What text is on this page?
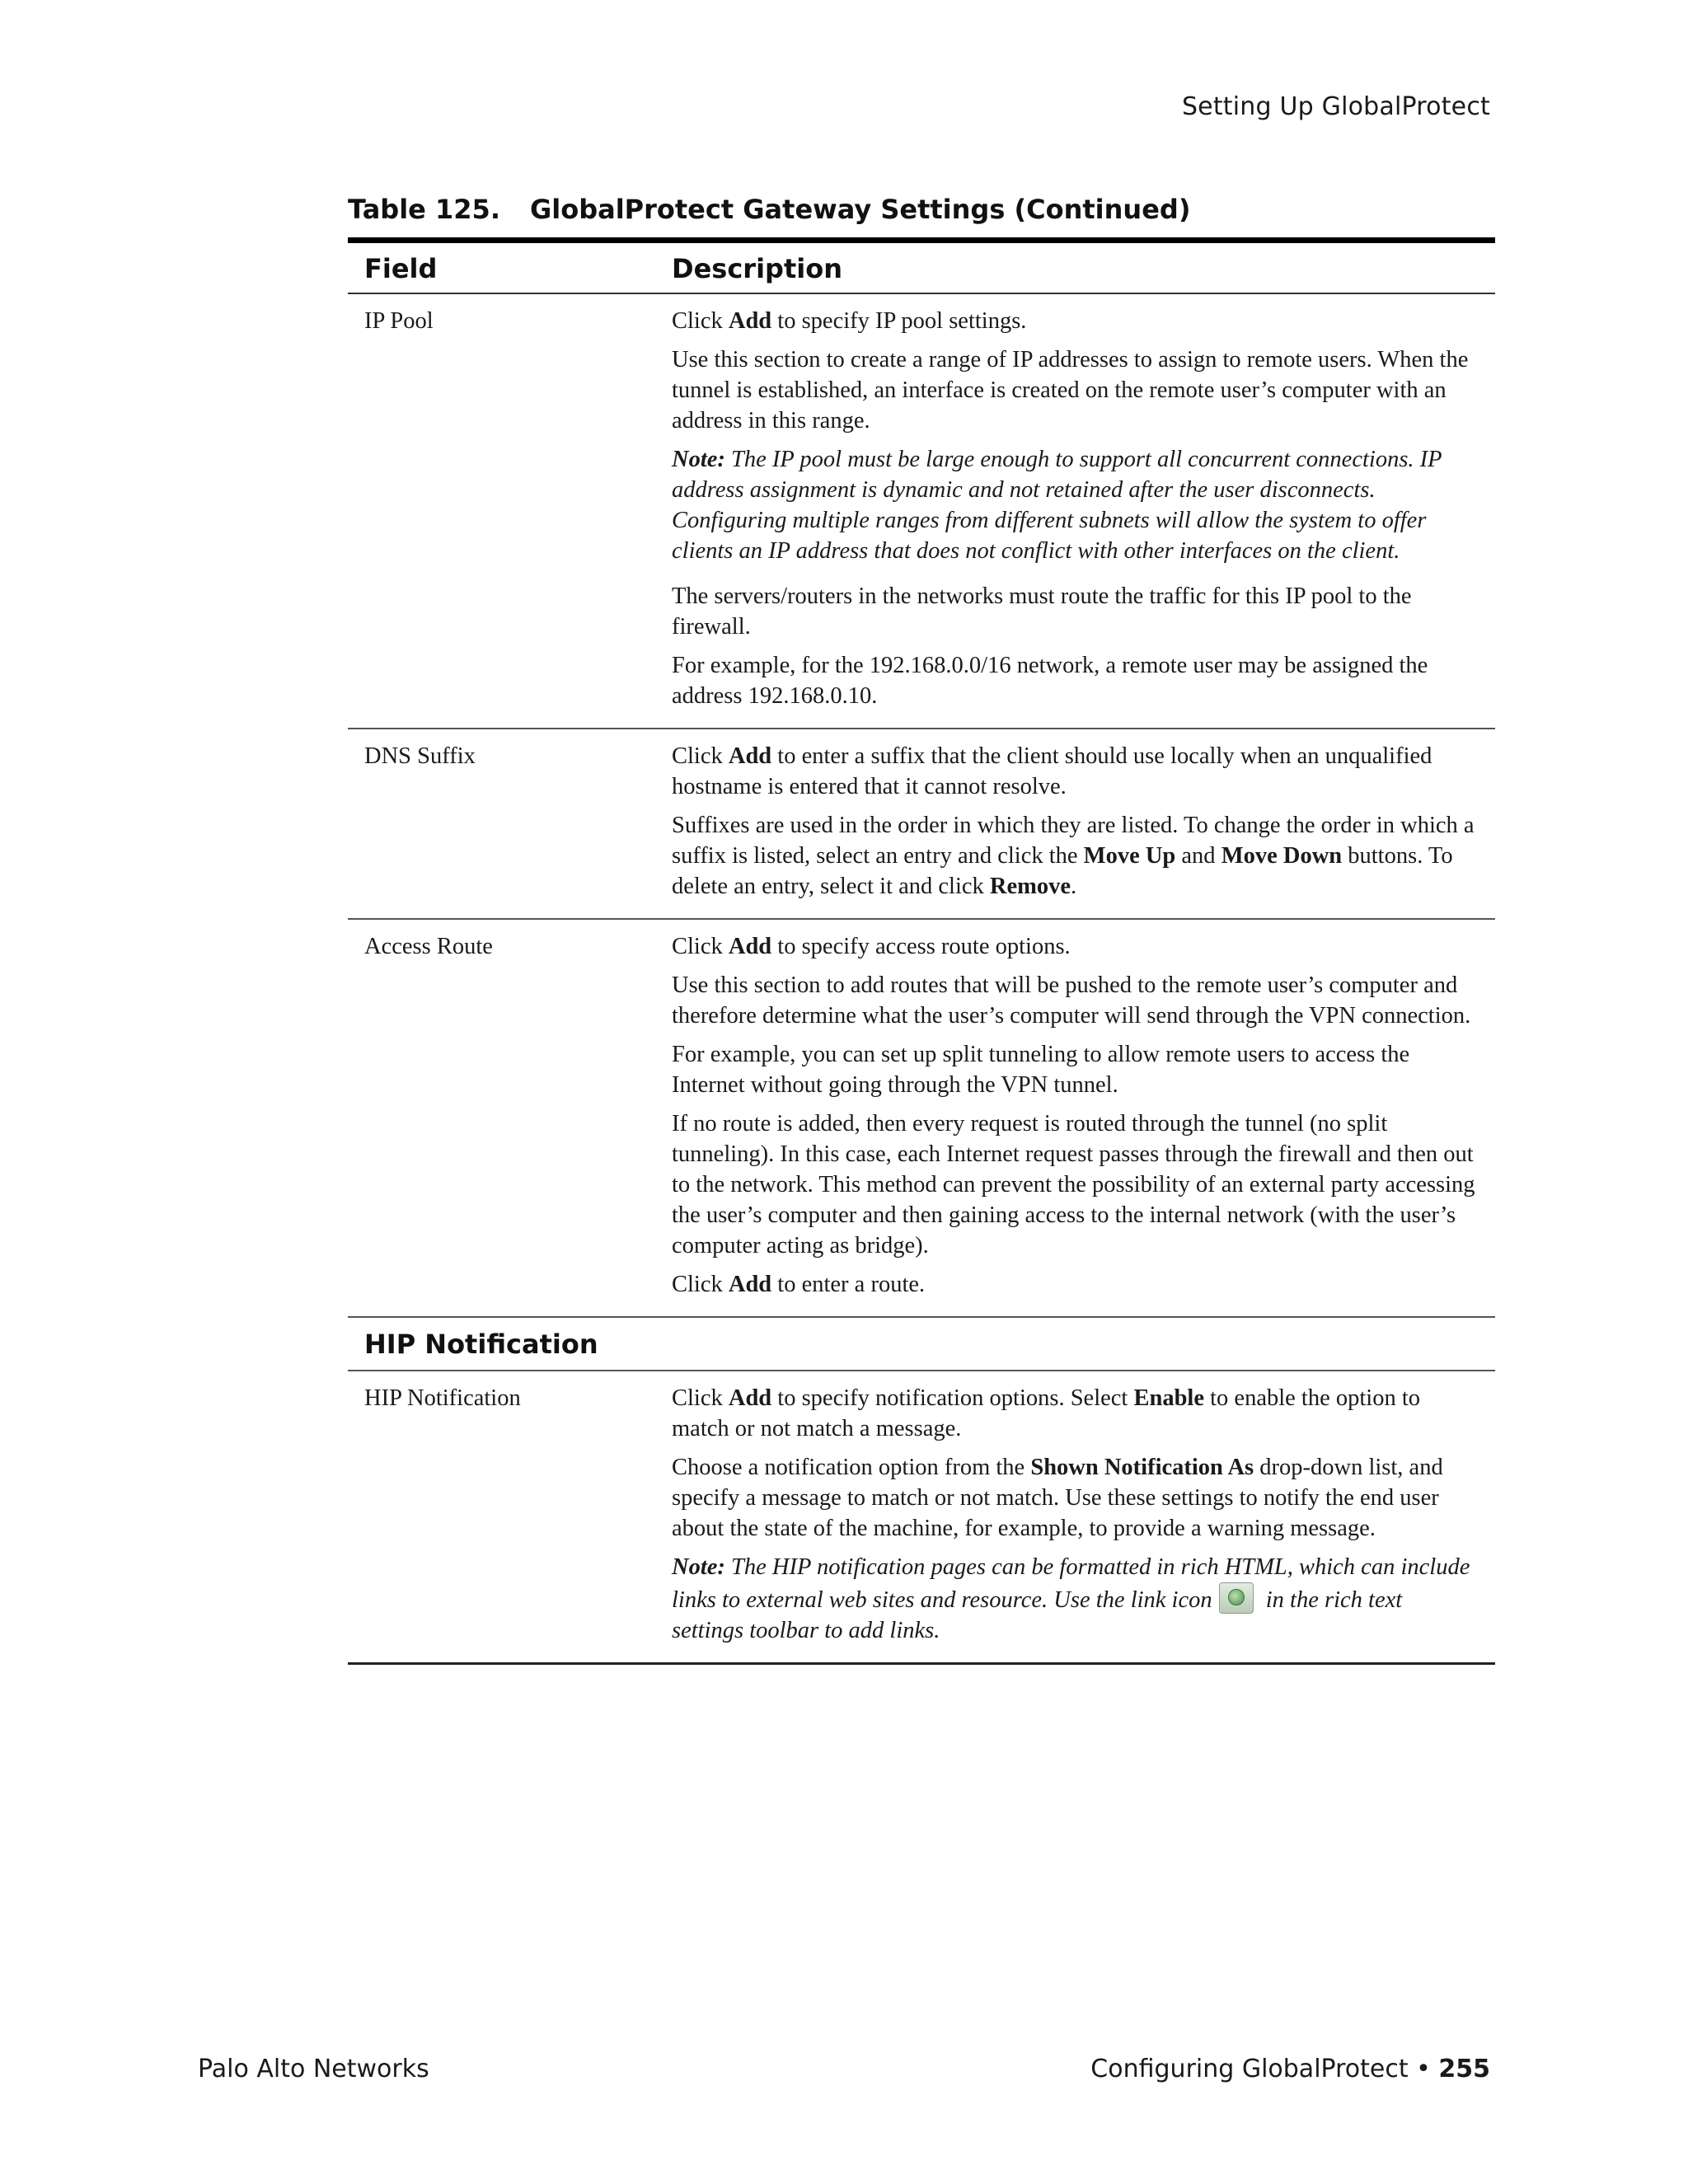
Setting Up GlobalProtect
Table 125. GlobalProtect Gateway Settings (Continued)
Field	Description
IP Pool	Click Add to specify IP pool settings.

Use this section to create a range of IP addresses to assign to remote users. When the tunnel is established, an interface is created on the remote user’s computer with an address in this range.

Note: The IP pool must be large enough to support all concurrent connections. IP address assignment is dynamic and not retained after the user disconnects. Configuring multiple ranges from different subnets will allow the system to offer clients an IP address that does not conflict with other interfaces on the client.

The servers/routers in the networks must route the traffic for this IP pool to the firewall.

For example, for the 192.168.0.0/16 network, a remote user may be assigned the address 192.168.0.10.

DNS Suffix	Click Add to enter a suffix that the client should use locally when an unqualified hostname is entered that it cannot resolve.

Suffixes are used in the order in which they are listed. To change the order in which a suffix is listed, select an entry and click the Move Up and Move Down buttons. To delete an entry, select it and click Remove.

Access Route	Click Add to specify access route options.

Use this section to add routes that will be pushed to the remote user’s computer and therefore determine what the user’s computer will send through the VPN connection.

For example, you can set up split tunneling to allow remote users to access the Internet without going through the VPN tunnel.

If no route is added, then every request is routed through the tunnel (no split tunneling). In this case, each Internet request passes through the firewall and then out to the network. This method can prevent the possibility of an external party accessing the user’s computer and then gaining access to the internal network (with the user’s computer acting as bridge).

Click Add to enter a route.

HIP Notification	
HIP Notification	Click Add to specify notification options. Select Enable to enable the option to match or not match a message.

Choose a notification option from the Shown Notification As drop-down list, and specify a message to match or not match. Use these settings to notify the end user about the state of the machine, for example, to provide a warning message.

Note: The HIP notification pages can be formatted in rich HTML, which can include links to external web sites and resource. Use the link icon in the rich text settings toolbar to add links.

Palo Alto Networks	Configuring GlobalProtect • 255
